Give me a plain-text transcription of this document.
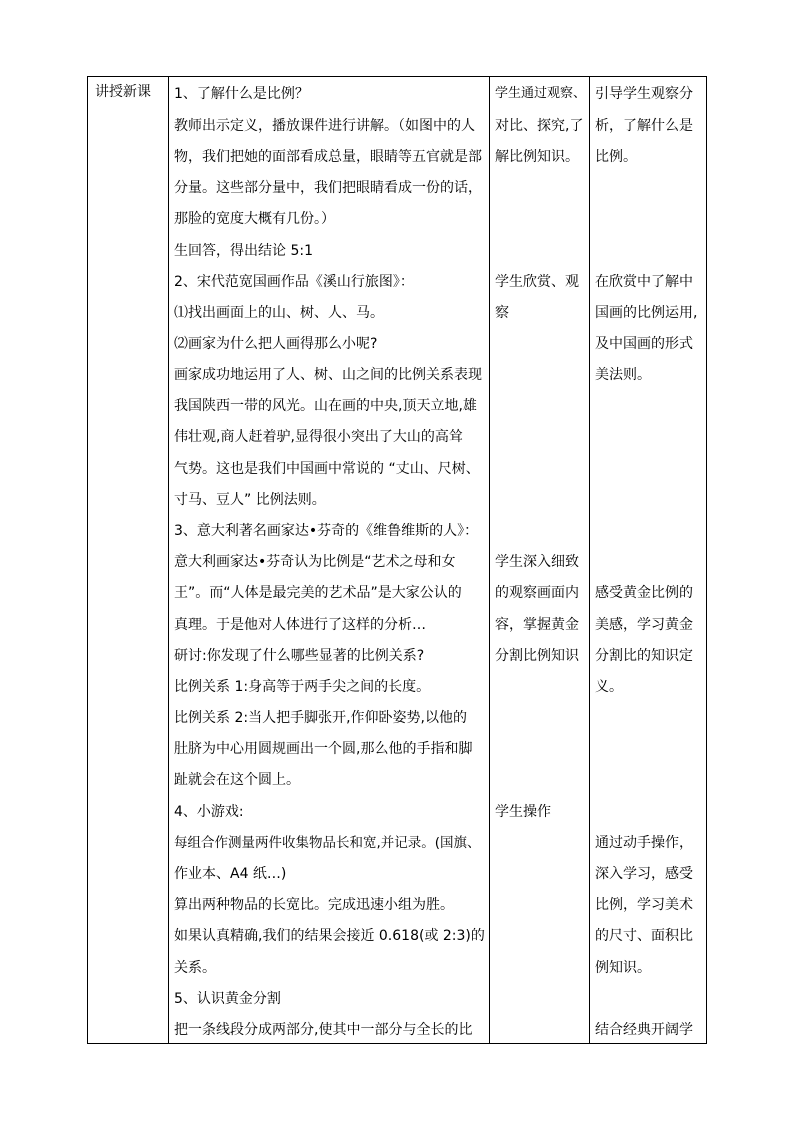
讲授新课 1、了解什么是比例？
教师出示定义，播放课件进行讲解。（如图中的人
物，我们把她的面部看成总量，眼睛等五官就是部
分量。这些部分量中，我们把眼睛看成一份的话，
那脸的宽度大概有几份。）
生回答，得出结论 5:1
2、宋代范宽国画作品《溪山行旅图》：
⑴找出画面上的山、树、人、马。
⑵画家为什么把人画得那么小呢?
画家成功地运用了人、树、山之间的比例关系表现
我国陕西一带的风光。山在画的中央,顶天立地,雄
伟壮观,商人赶着驴,显得很小突出了大山的高耸
气势。这也是我们中国画中常说的 “丈山、尺树、
寸马、豆人” 比例法则。
3、意大利著名画家达•芬奇的《维鲁维斯的人》：
意大利画家达•芬奇认为比例是“艺术之母和女
王”。而“人体是最完美的艺术品”是大家公认的
真理。于是他对人体进行了这样的分析…
研讨:你发现了什么哪些显著的比例关系?
比例关系 1:身高等于两手尖之间的长度。
比例关系 2:当人把手脚张开,作仰卧姿势,以他的
肚脐为中心用圆规画出一个圆,那么他的手指和脚
趾就会在这个圆上。
4、小游戏:
每组合作测量两件收集物品长和宽,并记录。(国旗、
作业本、A4 纸…)
算出两种物品的长宽比。完成迅速小组为胜。
如果认真精确,我们的结果会接近 0.618(或 2:3)的
关系。
5、认识黄金分割
把一条线段分成两部分,使其中一部分与全长的比
学生通过观察、
对比、探究,了
解比例知识。
学生欣赏、观
察
学生深入细致
的观察画面内
容，掌握黄金
分割比例知识
学生操作
引导学生观察分
析，了解什么是
比例。
在欣赏中了解中
国画的比例运用,
及中国画的形式
美法则。
感受黄金比例的
美感，学习黄金
分割比的知识定
义。
通过动手操作，
深入学习，感受
比例，学习美术
的尺寸、面积比
例知识。
结合经典开阔学
